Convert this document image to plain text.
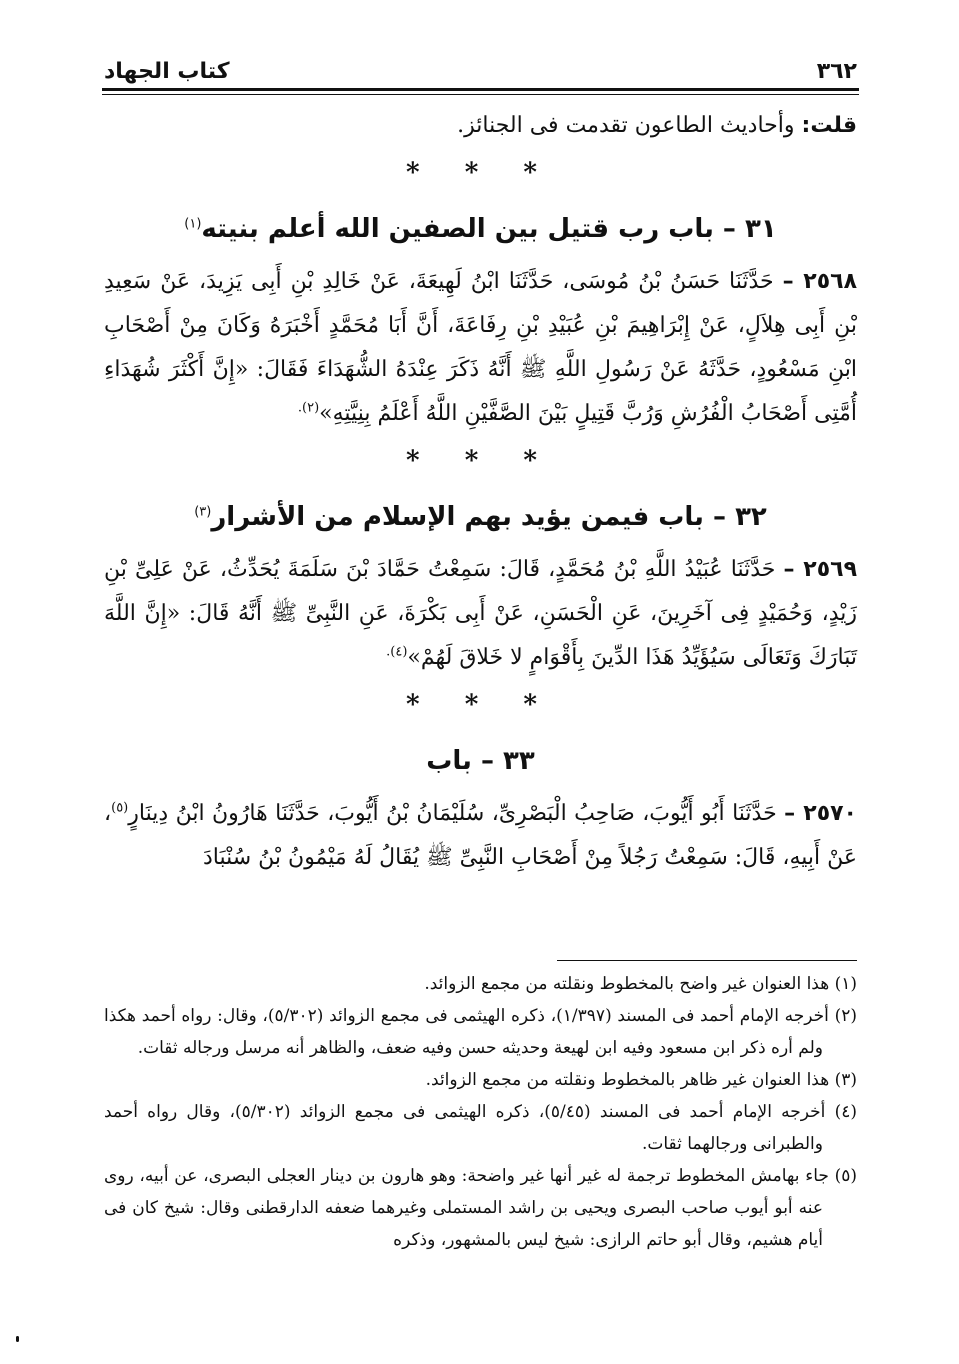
٣٦٢
كتاب الجهاد

قلت: وأحاديث الطاعون تقدمت فى الجنائز.

* * *
٣١ – باب رب قتيل بين الصفين الله أعلم بنيته$^{(١)}$

٢٥٦٨ – حَدَّثَنَا حَسَنُ بْنُ مُوسَى، حَدَّثَنَا ابْنُ لَهِيعَةَ، عَنْ خَالِدِ بْنِ أَبِى يَزِيدَ، عَنْ سَعِيدِ بْنِ أَبِى هِلاَلٍ، عَنْ إِبْرَاهِيمَ بْنِ عُبَيْدِ بْنِ رِفَاعَةَ، أَنَّ أَبَا مُحَمَّدٍ أَخْبَرَهُ وَكَانَ مِنْ أَصْحَابِ ابْنِ مَسْعُودٍ، حَدَّثَهُ عَنْ رَسُولِ اللَّهِ ﷺ أَنَّهُ ذَكَرَ عِنْدَهُ الشُّهَدَاءَ فَقَالَ: «إِنَّ أَكْثَرَ شُهَدَاءِ أُمَّتِى أَصْحَابُ الْفُرُشِ وَرُبَّ قَتِيلٍ بَيْنَ الصَّفَّيْنِ اللَّهُ أَعْلَمُ بِنِيَّتِهِ»$^{(٢).}$

* * *
٣٢ – باب فيمن يؤيد بهم الإسلام من الأشرار$^{(٣)}$

٢٥٦٩ – حَدَّثَنَا عُبَيْدُ اللَّهِ بْنُ مُحَمَّدٍ، قَالَ: سَمِعْتُ حَمَّادَ بْنَ سَلَمَةَ يُحَدِّثُ، عَنْ عَلِىِّ بْنِ زَيْدٍ، وَحُمَيْدٍ فِى آخَرِينَ، عَنِ الْحَسَنِ، عَنْ أَبِى بَكْرَةَ، عَنِ النَّبِىِّ ﷺ أَنَّهُ قَالَ: «إِنَّ اللَّهَ تَبَارَكَ وَتَعَالَى سَيُؤَيِّدُ هَذَا الدِّينَ بِأَقْوَامٍ لا خَلاقَ لَهُمْ»$^{(٤).}$

* * *
٣٣ – باب

٢٥٧٠ – حَدَّثَنَا أَبُو أَيُّوبَ، صَاحِبُ الْبَصْرِىِّ، سُلَيْمَانُ بْنُ أَيُّوبَ، حَدَّثَنَا هَارُونُ ابْنُ دِينَارٍ$^{(٥)}$، عَنْ أَبِيهِ، قَالَ: سَمِعْتُ رَجُلاً مِنْ أَصْحَابِ النَّبِىِّ ﷺ يُقَالُ لَهُ مَيْمُونُ بْنُ سُنْبَادَ

(١) هذا العنوان غير واضح بالمخطوط ونقلته من مجمع الزوائد.
(٢) أخرجه الإمام أحمد فى المسند (١/٣٩٧)، ذكره الهيثمى فى مجمع الزوائد (٥/٣٠٢)، وقال: رواه أحمد هكذا ولم أره ذكر ابن مسعود وفيه ابن لهيعة وحديثه حسن وفيه ضعف، والظاهر أنه مرسل ورجاله ثقات.
(٣) هذا العنوان غير ظاهر بالمخطوط ونقلته من مجمع الزوائد.
(٤) أخرجه الإمام أحمد فى المسند (٥/٤٥)، ذكره الهيثمى فى مجمع الزوائد (٥/٣٠٢)، وقال رواه أحمد والطبرانى ورجالهما ثقات.
(٥) جاء بهامش المخطوط ترجمة له غير أنها غير واضحة: وهو هارون بن دينار العجلى البصرى، عن أبيه، روى عنه أبو أيوب صاحب البصرى ويحيى بن راشد المستملى وغيرهما ضعفه الدارقطنى وقال: شيخ كان فى أيام هشيم، وقال أبو حاتم الرازى: شيخ ليس بالمشهور، وذكره
